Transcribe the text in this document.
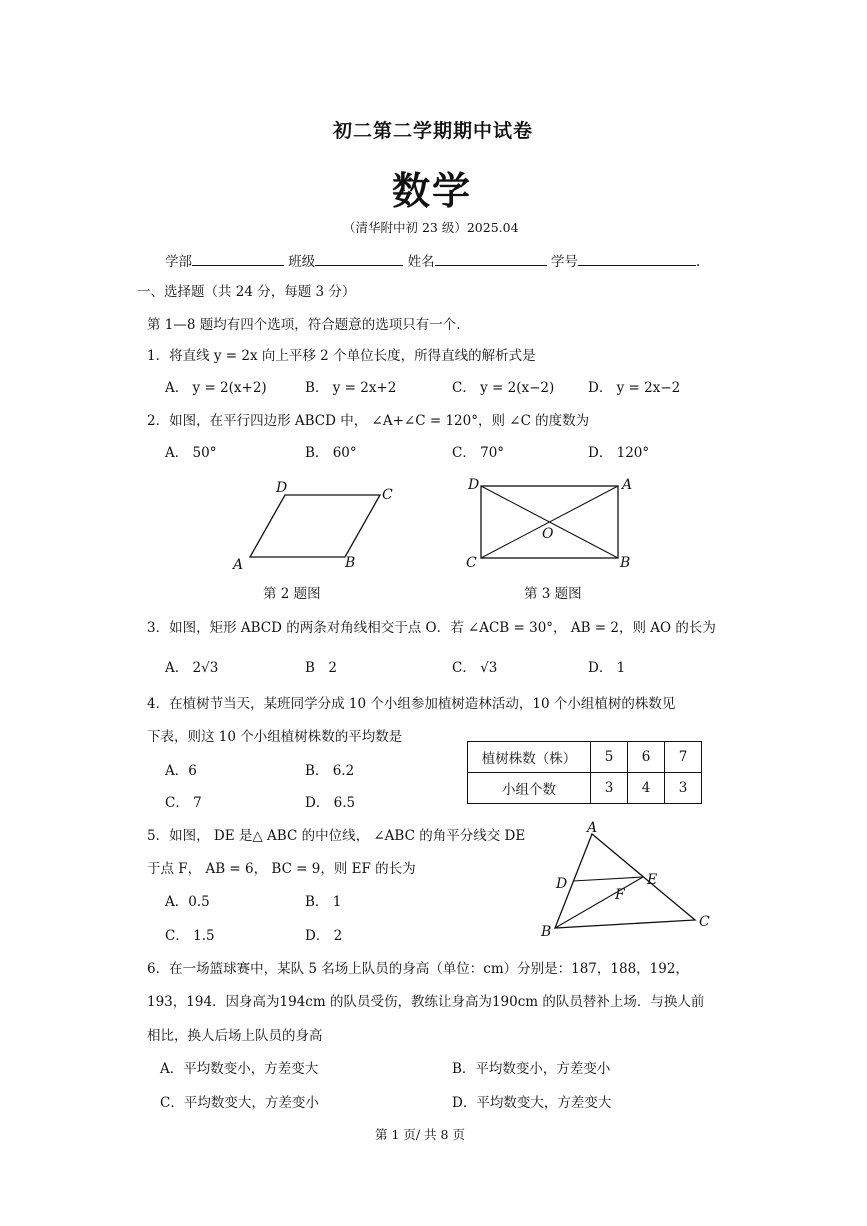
初二第二学期期中试卷
数学
（清华附中初 23 级）2025.04
学部	班级	姓名	学号	.
一、选择题（共 24 分，每题 3 分）
第 1—8 题均有四个选项，符合题意的选项只有一个.
1．将直线 y = 2x 向上平移 2 个单位长度，所得直线的解析式是
A． y = 2(x+2)	B． y = 2x+2	C． y = 2(x−2) D． y = 2x−2
2．如图，在平行四边形 ABCD 中， ∠A+∠C = 120°，则 ∠C 的度数为
A． 50°	B． 60°	C． 70°	D． 120°
A	B
C
D
第 2 题图
A
B
C
D
O
第 3 题图
3．如图，矩形 ABCD 的两条对角线相交于点 O．若 ∠ACB = 30°， AB = 2，则 AO 的长为
A． 2√3	B　2	C． √3	D． 1
4．在植树节当天，某班同学分成 10 个小组参加植树造林活动，10 个小组植树的株数见
下表，则这 10 个小组植树株数的平均数是
A．6	B． 6.2
C． 7	D． 6.5
植树株数（株）	5	6	7
小组个数	3	4	3
5．如图， DE 是△ ABC 的中位线， ∠ABC 的角平分线交 DE
于点 F， AB = 6， BC = 9，则 EF 的长为
A．0.5	B． 1
C． 1.5	D． 2
A
B
C
D	E
F
6．在一场篮球赛中，某队 5 名场上队员的身高（单位：cm）分别是：187，188，192，
193，194．因身高为194cm 的队员受伤，教练让身高为190cm 的队员替补上场．与换人前
相比，换人后场上队员的身高
A．平均数变小，方差变大	B．平均数变小，方差变小
C．平均数变大，方差变小	D．平均数变大，方差变大
第 1 页/ 共 8 页
